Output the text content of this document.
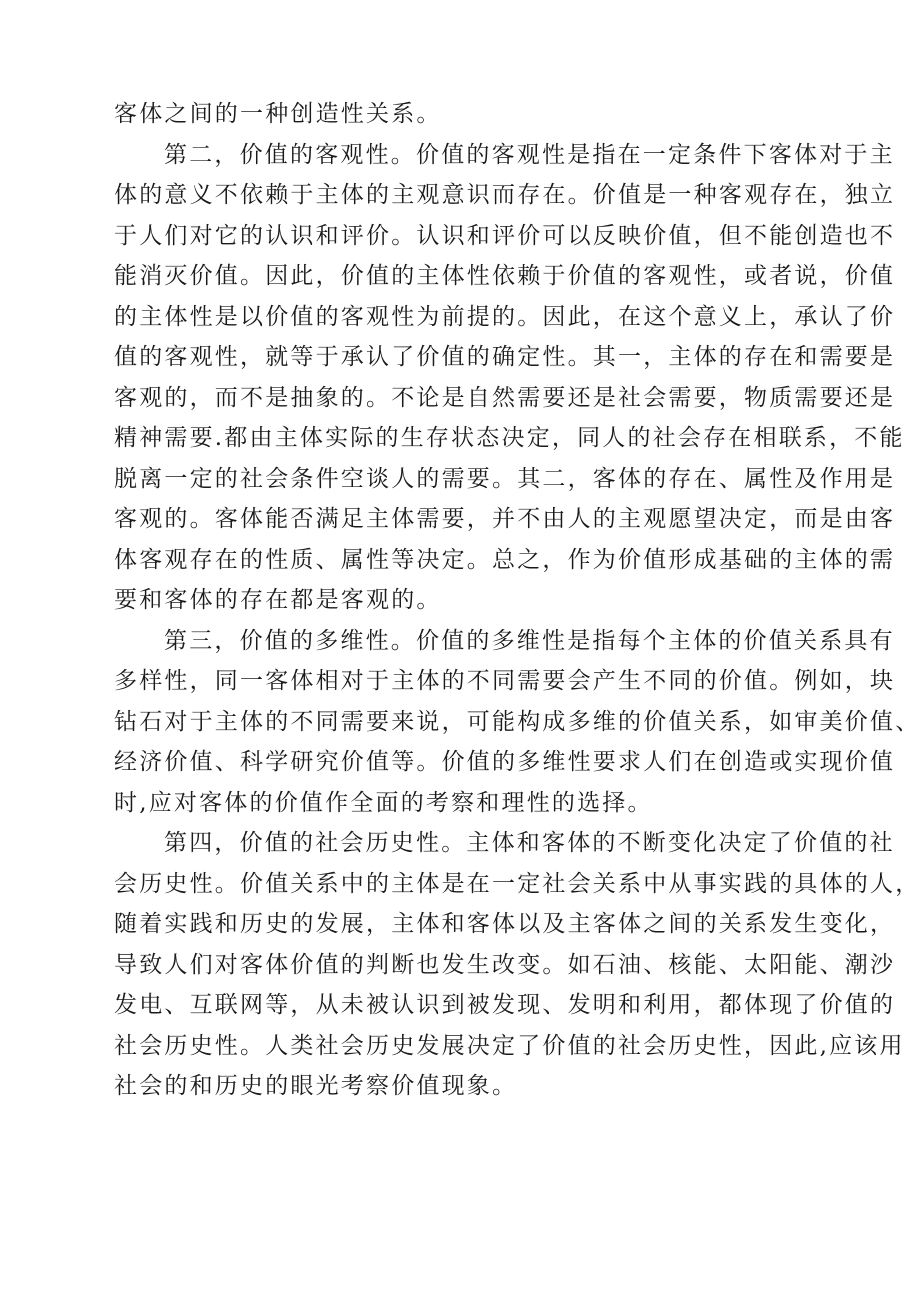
客体之间的一种创造性关系。
第二，价值的客观性。价值的客观性是指在一定条件下客体对于主
体的意义不依赖于主体的主观意识而存在。价值是一种客观存在，独立
于人们对它的认识和评价。认识和评价可以反映价值，但不能创造也不
能消灭价值。因此，价值的主体性依赖于价值的客观性，或者说，价值
的主体性是以价值的客观性为前提的。因此，在这个意义上，承认了价
值的客观性，就等于承认了价值的确定性。其一，主体的存在和需要是
客观的，而不是抽象的。不论是自然需要还是社会需要，物质需要还是
精神需要.都由主体实际的生存状态决定，同人的社会存在相联系，不能
脱离一定的社会条件空谈人的需要。其二，客体的存在、属性及作用是
客观的。客体能否满足主体需要，并不由人的主观愿望决定，而是由客
体客观存在的性质、属性等决定。总之，作为价值形成基础的主体的需
要和客体的存在都是客观的。
第三，价值的多维性。价值的多维性是指每个主体的价值关系具有
多样性，同一客体相对于主体的不同需要会产生不同的价值。例如，块
钻石对于主体的不同需要来说，可能构成多维的价值关系，如审美价值、
经济价值、科学研究价值等。价值的多维性要求人们在创造或实现价值
时,应对客体的价值作全面的考察和理性的选择。
第四，价值的社会历史性。主体和客体的不断变化决定了价值的社
会历史性。价值关系中的主体是在一定社会关系中从事实践的具体的人，
随着实践和历史的发展，主体和客体以及主客体之间的关系发生变化，
导致人们对客体价值的判断也发生改变。如石油、核能、太阳能、潮沙
发电、互联网等，从未被认识到被发现、发明和利用，都体现了价值的
社会历史性。人类社会历史发展决定了价值的社会历史性，因此,应该用
社会的和历史的眼光考察价值现象。
